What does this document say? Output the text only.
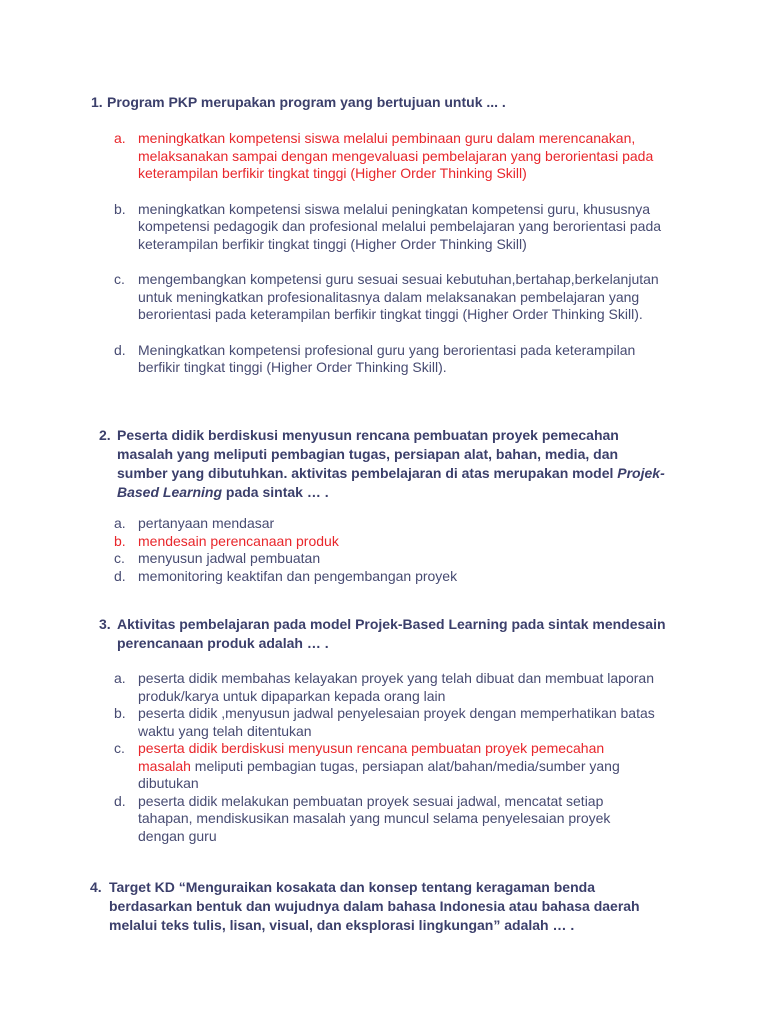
1. Program PKP merupakan program yang bertujuan untuk ... .
a. meningkatkan kompetensi siswa melalui pembinaan guru dalam merencanakan, melaksanakan sampai dengan mengevaluasi pembelajaran yang berorientasi pada keterampilan berfikir tingkat tinggi (Higher Order Thinking Skill)
b. meningkatkan kompetensi siswa melalui peningkatan kompetensi guru, khususnya kompetensi pedagogik dan profesional melalui pembelajaran yang berorientasi pada keterampilan berfikir tingkat tinggi (Higher Order Thinking Skill)
c. mengembangkan kompetensi guru sesuai sesuai kebutuhan,bertahap,berkelanjutan untuk meningkatkan profesionalitasnya dalam melaksanakan pembelajaran yang berorientasi pada keterampilan berfikir tingkat tinggi (Higher Order Thinking Skill).
d. Meningkatkan kompetensi profesional guru yang berorientasi pada keterampilan berfikir tingkat tinggi (Higher Order Thinking Skill).
2. Peserta didik berdiskusi menyusun rencana pembuatan proyek pemecahan masalah yang meliputi pembagian tugas, persiapan alat, bahan, media, dan sumber yang dibutuhkan. aktivitas pembelajaran di atas merupakan model Projek-Based Learning pada sintak … .
a. pertanyaan mendasar
b. mendesain perencanaan produk
c. menyusun jadwal pembuatan
d. memonitoring keaktifan dan pengembangan proyek
3. Aktivitas pembelajaran pada model Projek-Based Learning pada sintak mendesain perencanaan produk adalah … .
a. peserta didik membahas kelayakan proyek yang telah dibuat dan membuat laporan produk/karya untuk dipaparkan kepada orang lain
b. peserta didik ,menyusun jadwal penyelesaian proyek dengan memperhatikan batas waktu yang telah ditentukan
c. peserta didik berdiskusi menyusun rencana pembuatan proyek pemecahan masalah meliputi pembagian tugas, persiapan alat/bahan/media/sumber yang dibutukan
d. peserta didik melakukan pembuatan proyek sesuai jadwal, mencatat setiap tahapan, mendiskusikan masalah yang muncul selama penyelesaian proyek dengan guru
4. Target KD “Menguraikan kosakata dan konsep tentang keragaman benda berdasarkan bentuk dan wujudnya dalam bahasa Indonesia atau bahasa daerah melalui teks tulis, lisan, visual, dan eksplorasi lingkungan” adalah … .
